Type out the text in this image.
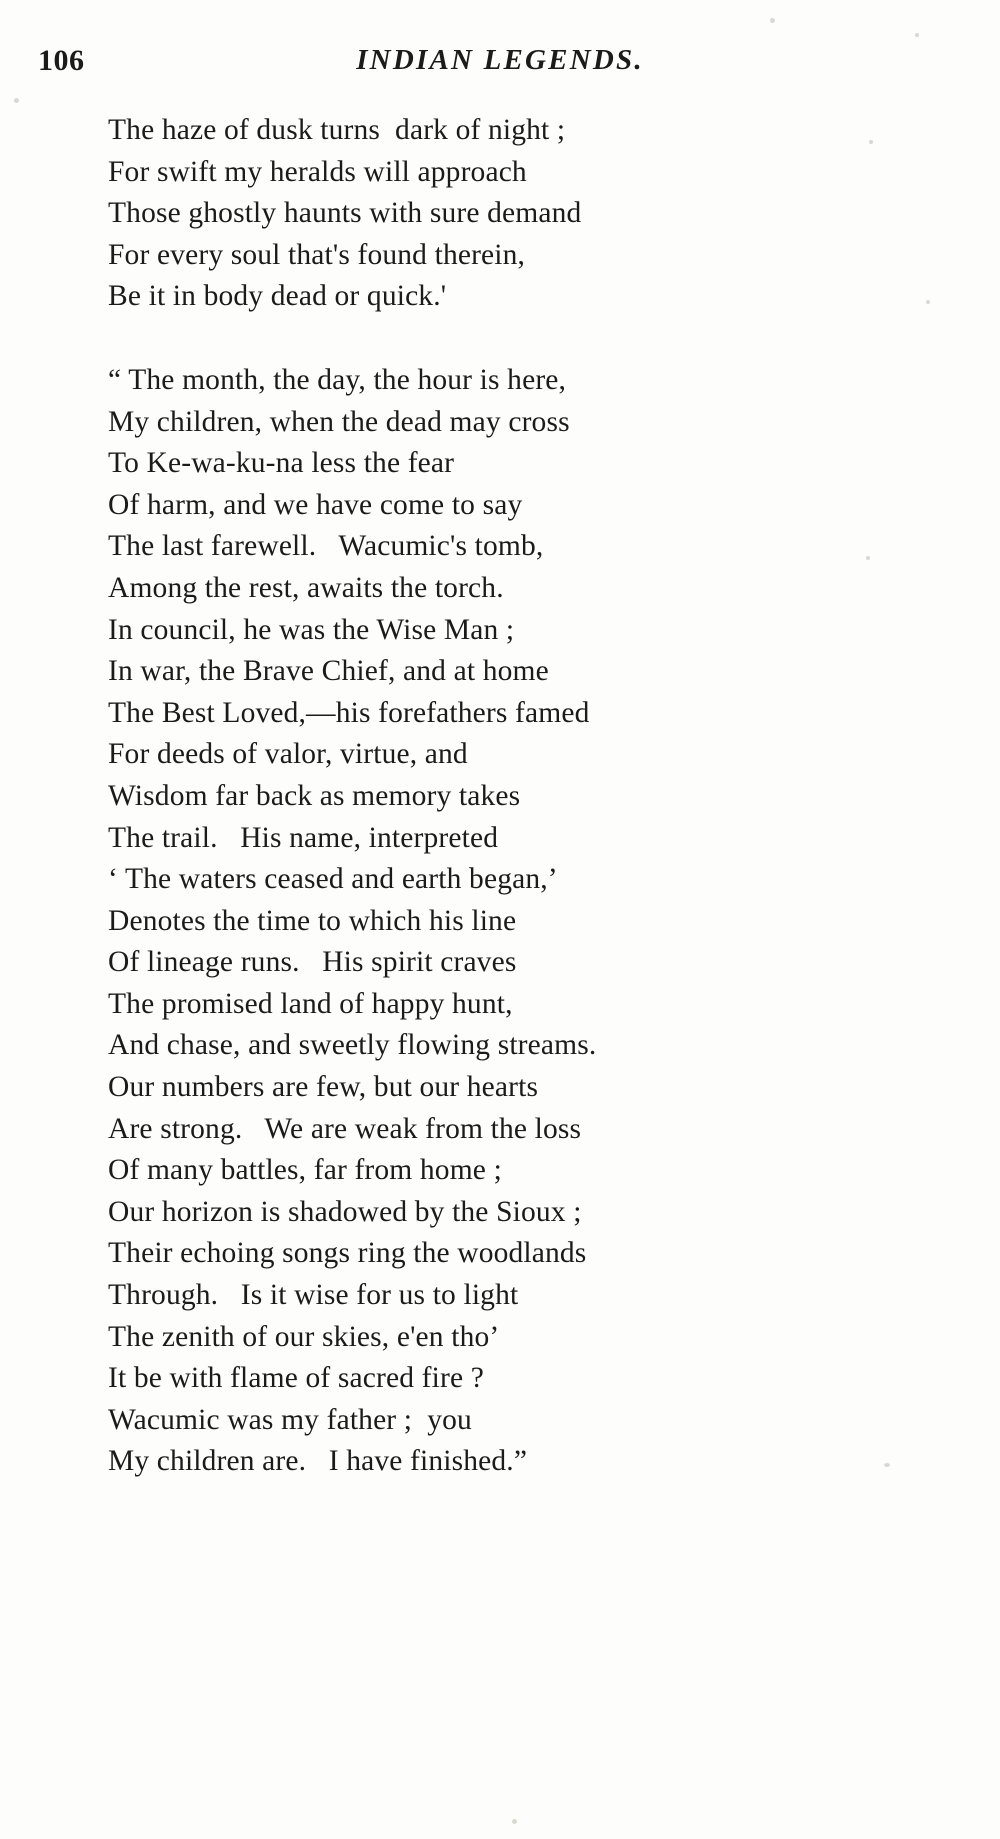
106	INDIAN LEGENDS.
The haze of dusk turns  dark of night ;
For swift my heralds will approach
Those ghostly haunts with sure demand
For every soul that's found therein,
Be it in body dead or quick.'
“ The month, the day, the hour is here,
My children, when the dead may cross
To Ke-wa-ku-na less the fear
Of harm, and we have come to say
The last farewell.   Wacumic's tomb,
Among the rest, awaits the torch.
In council, he was the Wise Man ;
In war, the Brave Chief, and at home
The Best Loved,—his forefathers famed
For deeds of valor, virtue, and
Wisdom far back as memory takes
The trail.   His name, interpreted
‘ The waters ceased and earth began,’
Denotes the time to which his line
Of lineage runs.   His spirit craves
The promised land of happy hunt,
And chase, and sweetly flowing streams.
Our numbers are few, but our hearts
Are strong.   We are weak from the loss
Of many battles, far from home ;
Our horizon is shadowed by the Sioux ;
Their echoing songs ring the woodlands
Through.   Is it wise for us to light
The zenith of our skies, e'en tho’
It be with flame of sacred fire ?
Wacumic was my father ;  you
My children are.   I have finished.”
